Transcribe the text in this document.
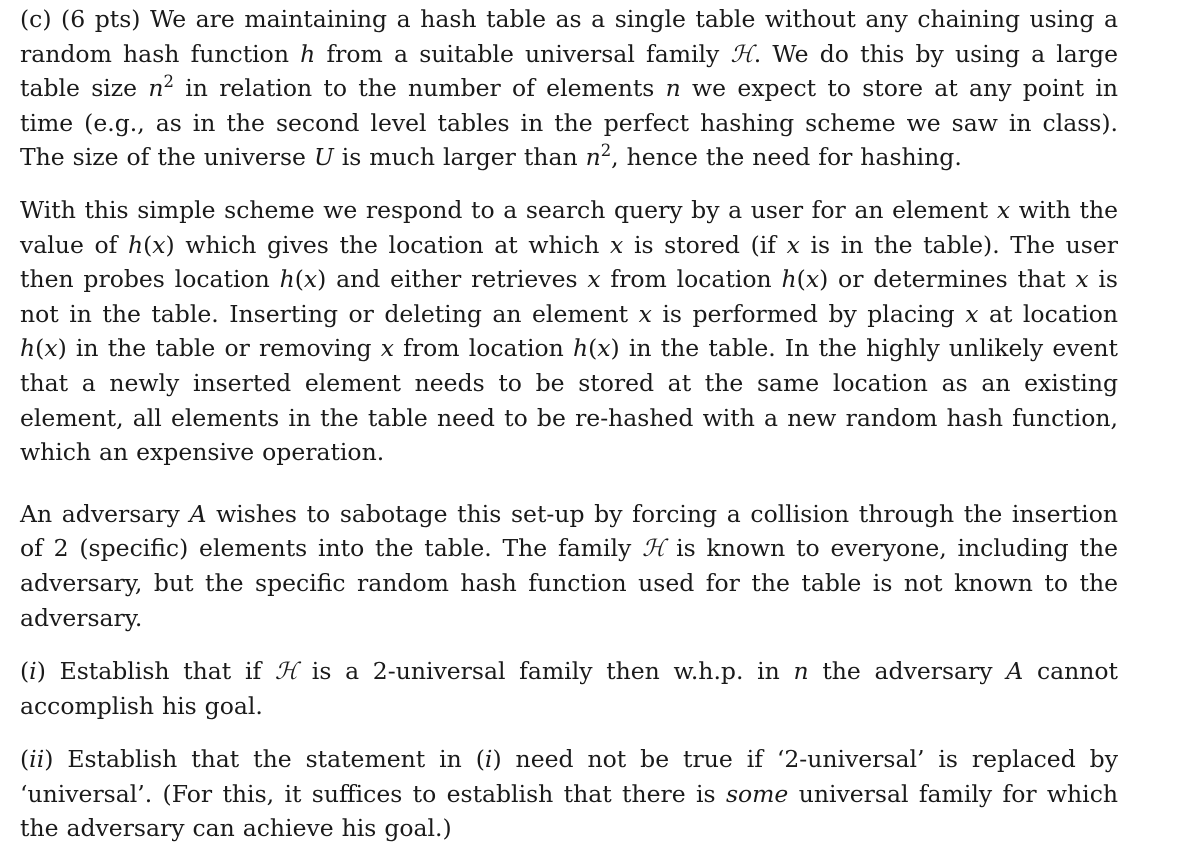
(c) (6 pts) We are maintaining a hash table as a single table without any chaining using a random hash function h from a suitable universal family ℋ. We do this by using a large table size $n^2$ in relation to the number of elements n we expect to store at any point in time (e.g., as in the second level tables in the perfect hashing scheme we saw in class). The size of the universe U is much larger than $n^2$, hence the need for hashing.

With this simple scheme we respond to a search query by a user for an element x with the value of h(x) which gives the location at which x is stored (if x is in the table). The user then probes location h(x) and either retrieves x from location h(x) or determines that x is not in the table. Inserting or deleting an element x is performed by placing x at location h(x) in the table or removing x from location h(x) in the table. In the highly unlikely event that a newly inserted element needs to be stored at the same location as an existing element, all elements in the table need to be re-hashed with a new random hash function, which an expensive operation.

An adversary A wishes to sabotage this set-up by forcing a collision through the insertion of 2 (specific) elements into the table. The family ℋ is known to everyone, including the adversary, but the specific random hash function used for the table is not known to the adversary.

(i) Establish that if ℋ is a 2-universal family then w.h.p. in n the adversary A cannot accomplish his goal.

(ii) Establish that the statement in (i) need not be true if ‘2-universal’ is replaced by ‘universal’. (For this, it suffices to establish that there is some universal family for which the adversary can achieve his goal.)
